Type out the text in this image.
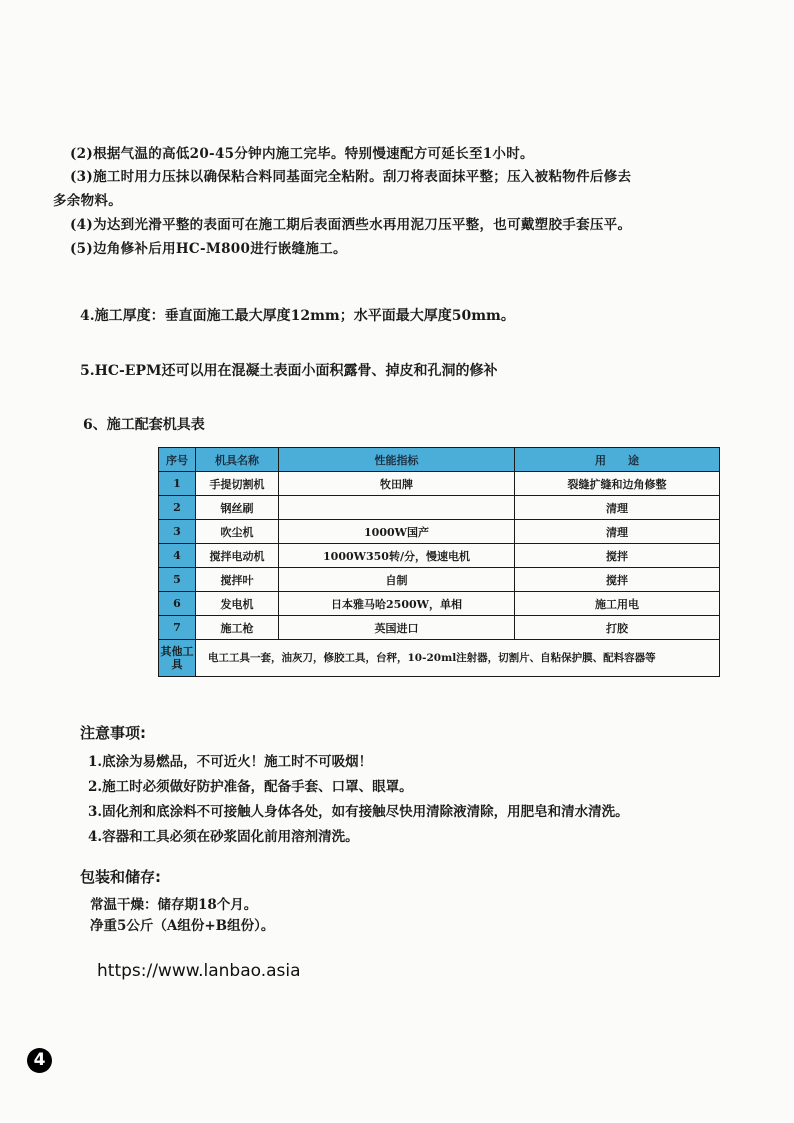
(2)根据气温的高低20-45分钟内施工完毕。特别慢速配方可延长至1小时。
(3)施工时用力压抹以确保粘合料同基面完全粘附。刮刀将表面抹平整；压入被粘物件后修去
多余物料。
(4)为达到光滑平整的表面可在施工期后表面洒些水再用泥刀压平整，也可戴塑胶手套压平。
(5)边角修补后用HC-M800进行嵌缝施工。
4.施工厚度：垂直面施工最大厚度12mm；水平面最大厚度50mm。
5.HC-EPM还可以用在混凝土表面小面积露骨、掉皮和孔洞的修补
6、施工配套机具表
序号	机具名称	性能指标	用　　途
1	手提切割机	牧田牌	裂缝扩缝和边角修整
2	钢丝刷		清理
3	吹尘机	1000W国产	清理
4	搅拌电动机	1000W350转/分，慢速电机	搅拌
5	搅拌叶	自制	搅拌
6	发电机	日本雅马哈2500W，单相	施工用电
7	施工枪	英国进口	打胶
其他工具	电工工具一套，油灰刀，修胶工具，台秤，10-20ml注射器，切割片、自粘保护膜、配料容器等		
注意事项:
1.底涂为易燃品，不可近火！施工时不可吸烟！
2.施工时必须做好防护准备，配备手套、口罩、眼罩。
3.固化剂和底涂料不可接触人身体各处，如有接触尽快用清除液清除，用肥皂和清水清洗。
4.容器和工具必须在砂浆固化前用溶剂清洗。
包装和储存:
常温干燥：储存期18个月。
净重5公斤（A组份+B组份）。
https://www.lanbao.asia
4
